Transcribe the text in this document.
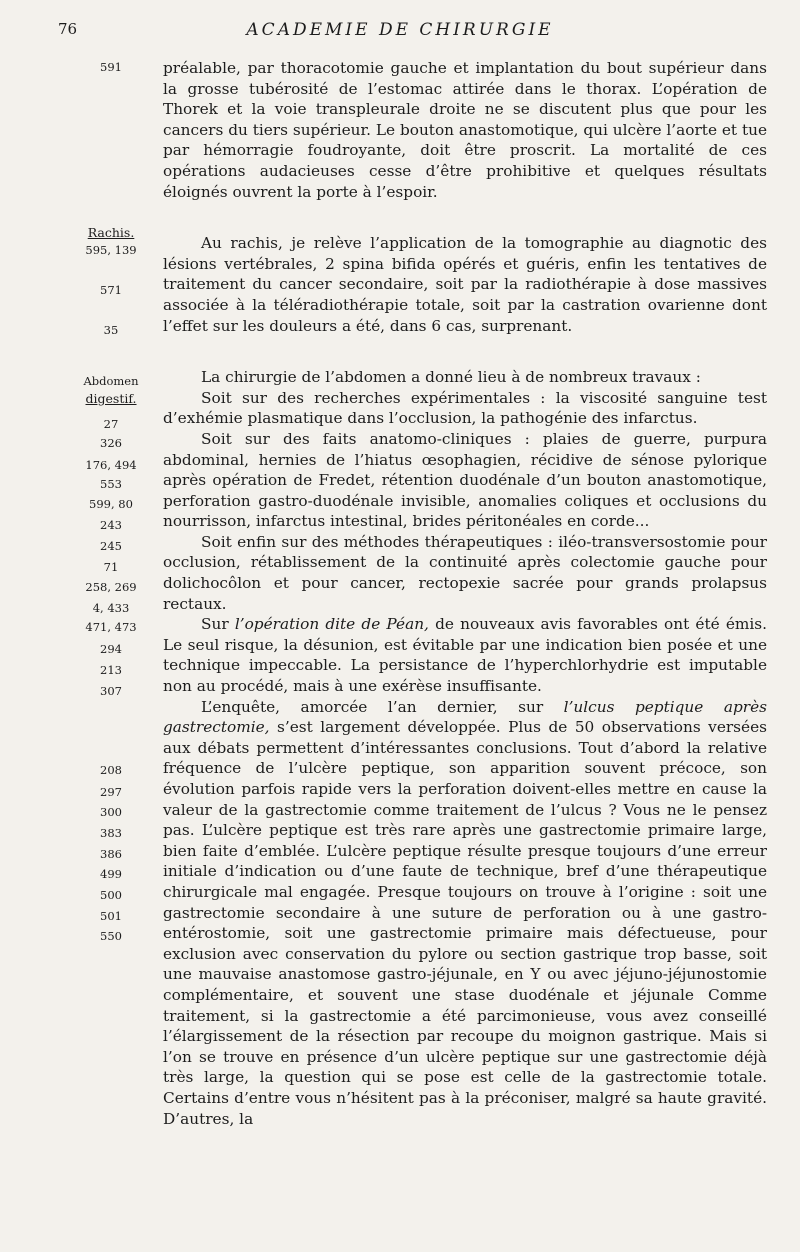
76	ACADEMIE DE CHIRURGIE
591
Rachis.
595, 139
571
35
Abdomen
digestif.
27
326
176, 494
553
599, 80
243
245
71
258, 269
4, 433
471, 473
294
213
307
208
297
300
383
386
499
500
501
550

préalable, par thoracotomie gauche et implantation du bout supérieur dans la grosse tubérosité de l’estomac attirée dans le thorax. L’opération de Thorek et la voie transpleurale droite ne se discutent plus que pour les cancers du tiers supérieur. Le bouton anastomotique, qui ulcère l’aorte et tue par hémorragie foudroyante, doit être proscrit. La mortalité de ces opérations audacieuses cesse d’être prohibitive et quelques résultats éloignés ouvrent la porte à l’espoir.

Au rachis, je relève l’application de la tomographie au diagnotic des lésions vertébrales, 2 spina bifida opérés et guéris, enfin les tentatives de traitement du cancer secondaire, soit par la radiothérapie à dose massives associée à la téléradiothérapie totale, soit par la castration ovarienne dont l’effet sur les douleurs a été, dans 6 cas, surprenant.

La chirurgie de l’abdomen a donné lieu à de nombreux travaux :

Soit sur des recherches expérimentales : la viscosité sanguine test d’exhémie plasmatique dans l’occlusion, la pathogénie des infarctus.

Soit sur des faits anatomo-cliniques : plaies de guerre, purpura abdominal, hernies de l’hiatus œsophagien, récidive de sénose pylorique après opération de Fredet, rétention duodénale d’un bouton anastomotique, perforation gastro-duodénale invisible, anomalies coliques et occlusions du nourrisson, infarctus intestinal, brides péritonéales en corde...

Soit enfin sur des méthodes thérapeutiques : iléo-transversostomie pour occlusion, rétablissement de la continuité après colectomie gauche pour dolichocôlon et pour cancer, rectopexie sacrée pour grands prolapsus rectaux.

Sur l’opération dite de Péan, de nouveaux avis favorables ont été émis. Le seul risque, la désunion, est évitable par une indication bien posée et une technique impeccable. La persistance de l’hyperchlorhydrie est imputable non au procédé, mais à une exérèse insuffisante.

L’enquête, amorcée l’an dernier, sur l’ulcus peptique après gastrectomie, s’est largement développée. Plus de 50 observations versées aux débats permettent d’intéressantes conclusions. Tout d’abord la relative fréquence de l’ulcère peptique, son apparition souvent précoce, son évolution parfois rapide vers la perforation doivent-elles mettre en cause la valeur de la gastrectomie comme traitement de l’ulcus ? Vous ne le pensez pas. L’ulcère peptique est très rare après une gastrectomie primaire large, bien faite d’emblée. L’ulcère peptique résulte presque toujours d’une erreur initiale d’indication ou d’une faute de technique, bref d’une thérapeutique chirurgicale mal engagée. Presque toujours on trouve à l’origine : soit une gastrectomie secondaire à une suture de perforation ou à une gastro-entérostomie, soit une gastrectomie primaire mais défectueuse, pour exclusion avec conservation du pylore ou section gastrique trop basse, soit une mauvaise anastomose gastro-jéjunale, en Y ou avec jéjuno-jéjunostomie complémentaire, et souvent une stase duodénale et jéjunale Comme traitement, si la gastrectomie a été parcimonieuse, vous avez conseillé l’élargissement de la résection par recoupe du moignon gastrique. Mais si l’on se trouve en présence d’un ulcère peptique sur une gastrectomie déjà très large, la question qui se pose est celle de la gastrectomie totale. Certains d’entre vous n’hésitent pas à la préconiser, malgré sa haute gravité. D’autres, la
